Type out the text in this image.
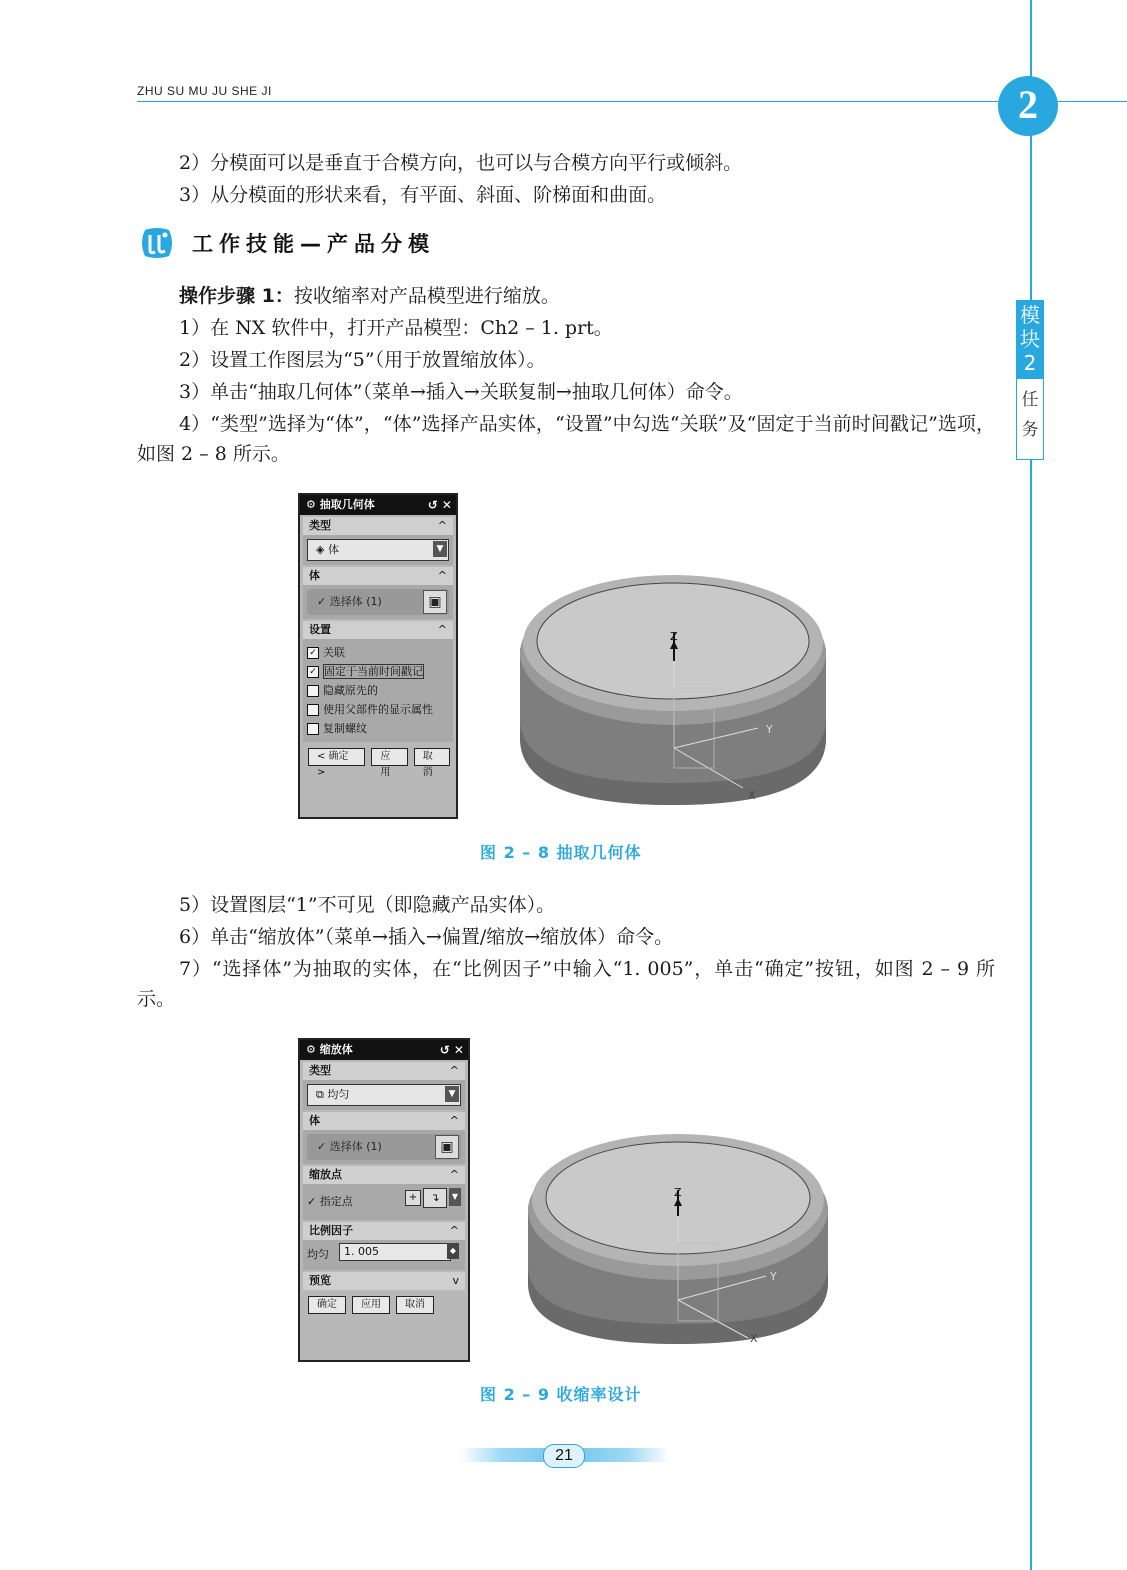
ZHU SU MU JU SHE JI	2
模块2
任务
2）分模面可以是垂直于合模方向，也可以与合模方向平行或倾斜。
3）从分模面的形状来看，有平面、斜面、阶梯面和曲面。
工作技能—产品分模
操作步骤 1：按收缩率对产品模型进行缩放。
1）在 NX 软件中，打开产品模型：Ch2 – 1. prt。
2）设置工作图层为“5”（用于放置缩放体）。
3）单击“抽取几何体”（菜单→插入→关联复制→抽取几何体）命令。
4）“类型”选择为“体”，“体”选择产品实体，“设置”中勾选“关联”及“固定于当前时间戳记”选项，如图 2 – 8 所示。
⚙ 抽取几何体	↺ ✕
类型	^
◈ 体	▼
体	^
✓ 选择体 (1)	▣
设置	^
✓ 关联
✓ 固定于当前时间戳记
隐藏原先的
使用父部件的显示属性
复制螺纹
< 确定 >
应用
取消
Z
Y
X
图 2 – 8 抽取几何体
5）设置图层“1”不可见（即隐藏产品实体）。
6）单击“缩放体”（菜单→插入→偏置/缩放→缩放体）命令。
7）“选择体”为抽取的实体，在“比例因子”中输入“1. 005”，单击“确定”按钮，如图 2 – 9 所示。
⚙ 缩放体	↺ ✕
类型	^
⧉ 均匀	▼
体	^
✓ 选择体 (1)	▣
缩放点	^
✓ 指定点	+	↴	▼
比例因子	^
均匀	1. 005	◆
预览	v
确定	应用	取消
Z
Y
X
图 2 – 9 收缩率设计
21
